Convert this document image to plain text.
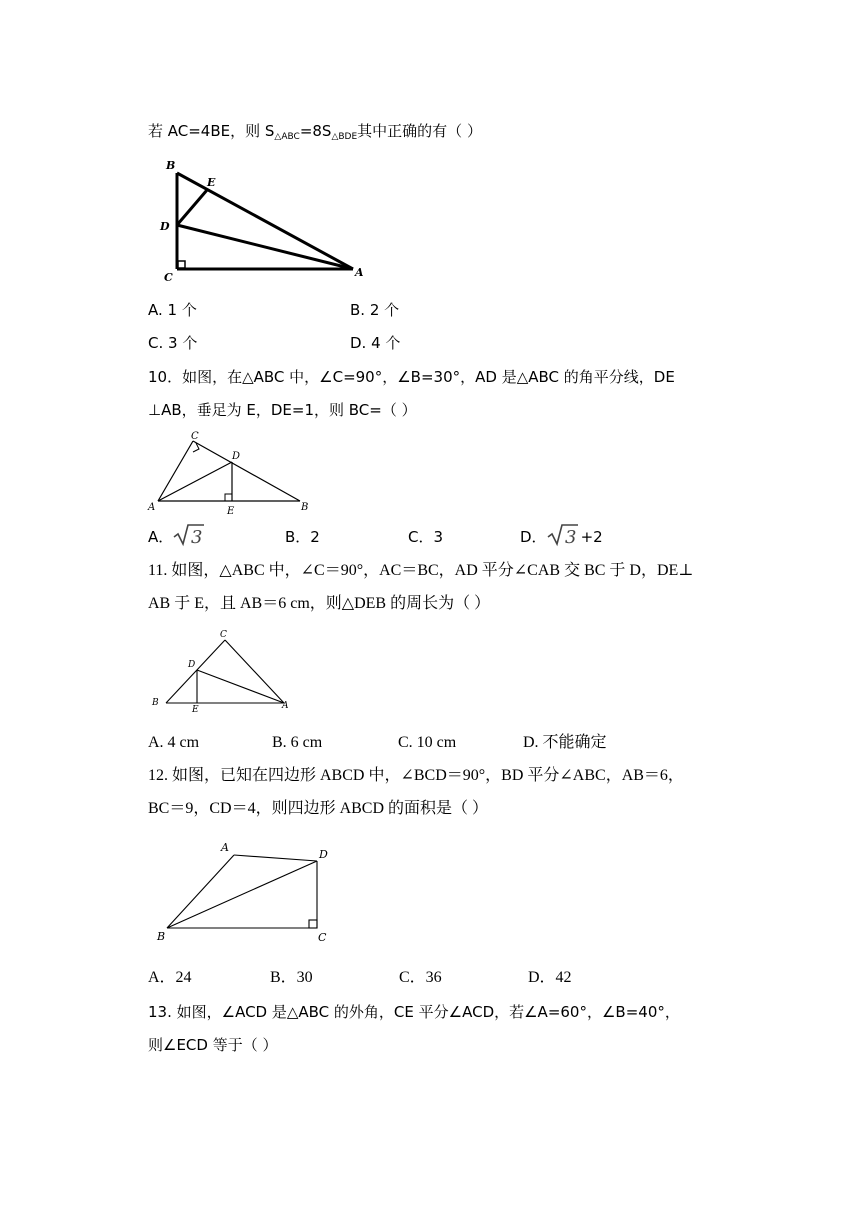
若 AC=4BE，则 $S_{\triangle ABC}=8S_{\triangle BDE}$其中正确的有（ ）
B
E
D
C	A
A. 1 个	B. 2 个
C. 3 个	D. 4 个
10．如图，在△ABC 中，∠C=90°，∠B=30°，AD 是△ABC 的角平分线，DE
⊥AB，垂足为 E，DE=1，则 BC=（ ）
C
D
A	E	B
A． 3	B．2	C．3	D． 3 +2
11. 如图，△ABC 中，∠C＝90°，AC＝BC，AD 平分∠CAB 交 BC 于 D，DE⊥
AB 于 E，且 AB＝6 cm，则△DEB 的周长为（ ）
C
D
B
E	A
A. 4 cm	B. 6 cm	C. 10 cm	D. 不能确定
12. 如图，已知在四边形 ABCD 中，∠BCD＝90°，BD 平分∠ABC，AB＝6，
BC＝9，CD＝4，则四边形 ABCD 的面积是（ ）
A
D
B	C
A．24	B．30	C．36	D．42
13. 如图，∠ACD 是△ABC 的外角，CE 平分∠ACD，若∠A=60°，∠B=40°，
则∠ECD 等于（ ）
